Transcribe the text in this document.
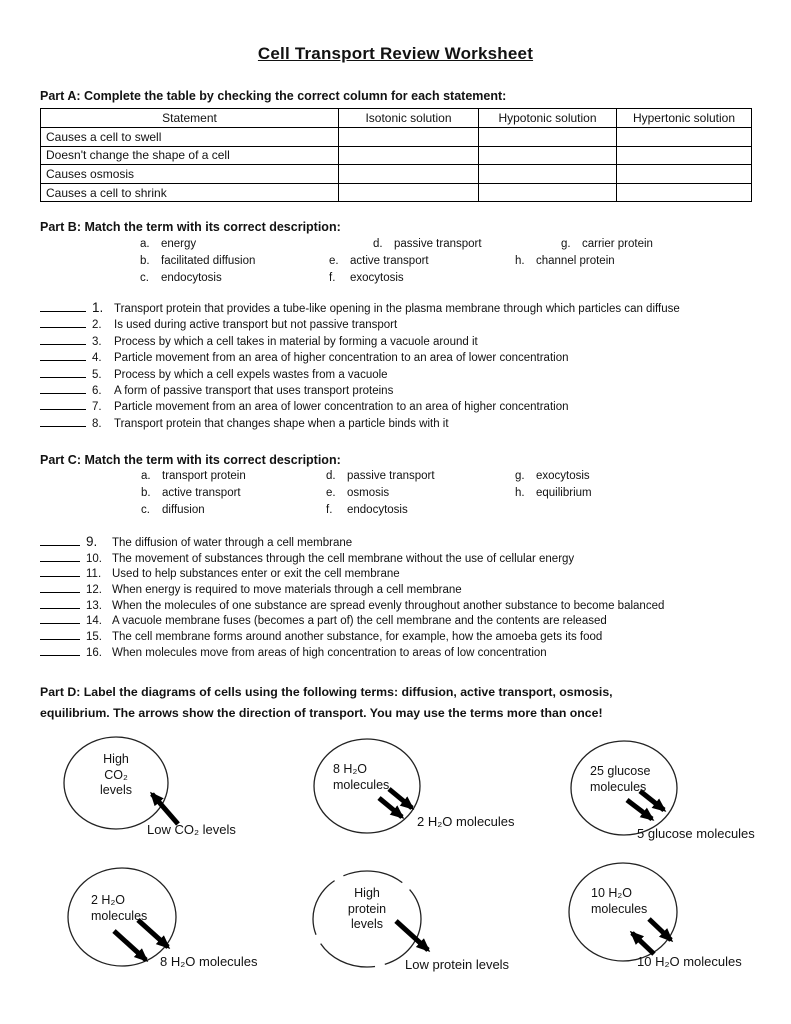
Cell Transport Review Worksheet
Part A: Complete the table by checking the correct column for each statement:
Statement	Isotonic solution	Hypotonic solution	Hypertonic solution
Causes a cell to swell			
Doesn't change the shape of a cell			
Causes osmosis			
Causes a cell to shrink			
Part B: Match the term with its correct description:
a. energy
b. facilitated diffusion
c. endocytosis
d. passive transport
e. active transport
f. exocytosis
g. carrier protein
h. channel protein
1. Transport protein that provides a tube-like opening in the plasma membrane through which particles can diffuse
2. Is used during active transport but not passive transport
3. Process by which a cell takes in material by forming a vacuole around it
4. Particle movement from an area of higher concentration to an area of lower concentration
5. Process by which a cell expels wastes from a vacuole
6. A form of passive transport that uses transport proteins
7. Particle movement from an area of lower concentration to an area of higher concentration
8. Transport protein that changes shape when a particle binds with it
Part C: Match the term with its correct description:
a. transport protein
b. active transport
c. diffusion
d. passive transport
e. osmosis
f. endocytosis
g. exocytosis
h. equilibrium
9. The diffusion of water through a cell membrane
10. The movement of substances through the cell membrane without the use of cellular energy
11. Used to help substances enter or exit the cell membrane
12. When energy is required to move materials through a cell membrane
13. When the molecules of one substance are spread evenly throughout another substance to become balanced
14. A vacuole membrane fuses (becomes a part of) the cell membrane and the contents are released
15. The cell membrane forms around another substance, for example, how the amoeba gets its food
16. When molecules move from areas of high concentration to areas of low concentration
Part D: Label the diagrams of cells using the following terms: diffusion, active transport, osmosis,
equilibrium. The arrows show the direction of transport. You may use the terms more than once!
High
CO₂
levels
Low CO₂ levels
8 H₂O
molecules
2 H₂O molecules
25 glucose
molecules
5 glucose molecules
2 H₂O
molecules
8 H₂O molecules
High
protein
levels
Low protein levels
10 H₂O
molecules
10 H₂O molecules
